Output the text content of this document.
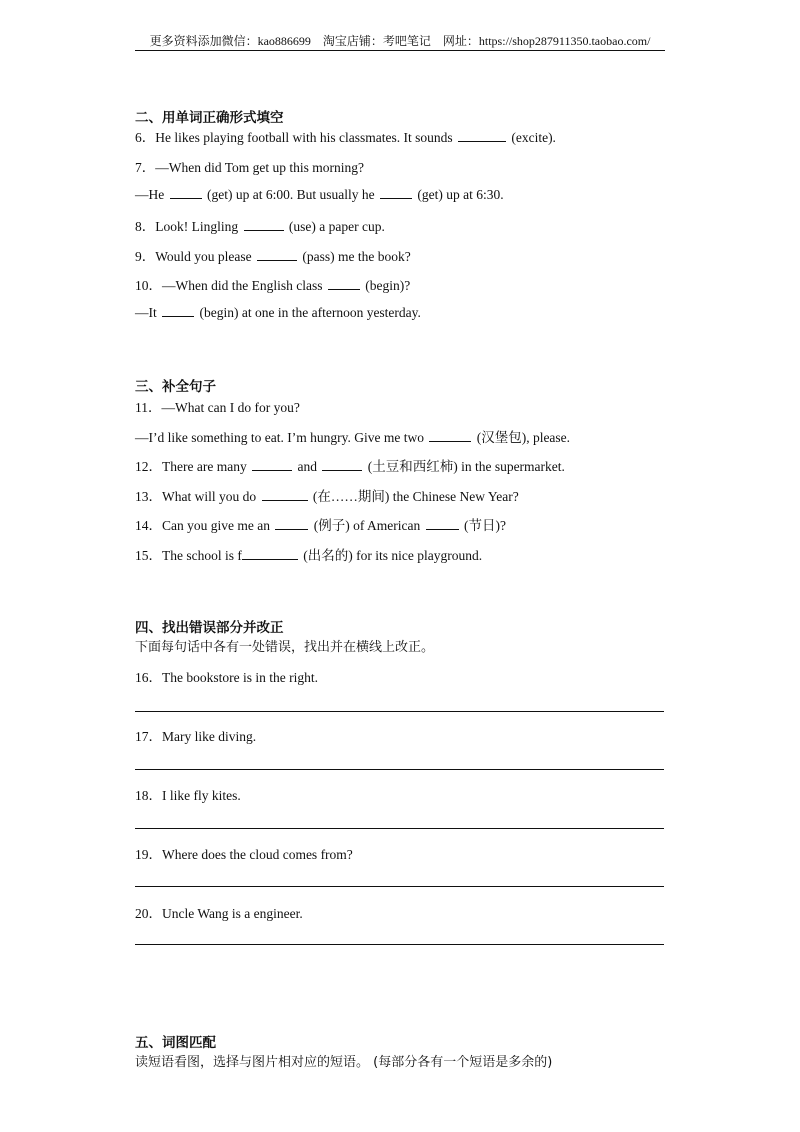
更多资料添加微信：kao886699　淘宝店铺：考吧笔记　网址：https://shop287911350.taobao.com/
二、用单词正确形式填空
6．He likes playing football with his classmates. It sounds	(excite).
7．—When did Tom get up this morning?
—He	(get) up at 6:00. But usually he	(get) up at 6:30.
8．Look! Lingling	(use) a paper cup.
9．Would you please	(pass) me the book?
10．—When did the English class	(begin)?
—It	(begin) at one in the afternoon yesterday.
三、补全句子
11．—What can I do for you?
—I’d like something to eat. I’m hungry. Give me two	(汉堡包), please.
12．There are many	and	(土豆和西红柿) in the supermarket.
13．What will you do	(在……期间) the Chinese New Year?
14．Can you give me an	(例子) of American	(节日)?
15．The school is f	(出名的) for its nice playground.
四、找出错误部分并改正
下面每句话中各有一处错误，找出并在横线上改正。
16．The bookstore is in the right.
17．Mary like diving.
18．I like fly kites.
19．Where does the cloud comes from?
20．Uncle Wang is a engineer.
五、词图匹配
读短语看图，选择与图片相对应的短语。 (每部分各有一个短语是多余的)
